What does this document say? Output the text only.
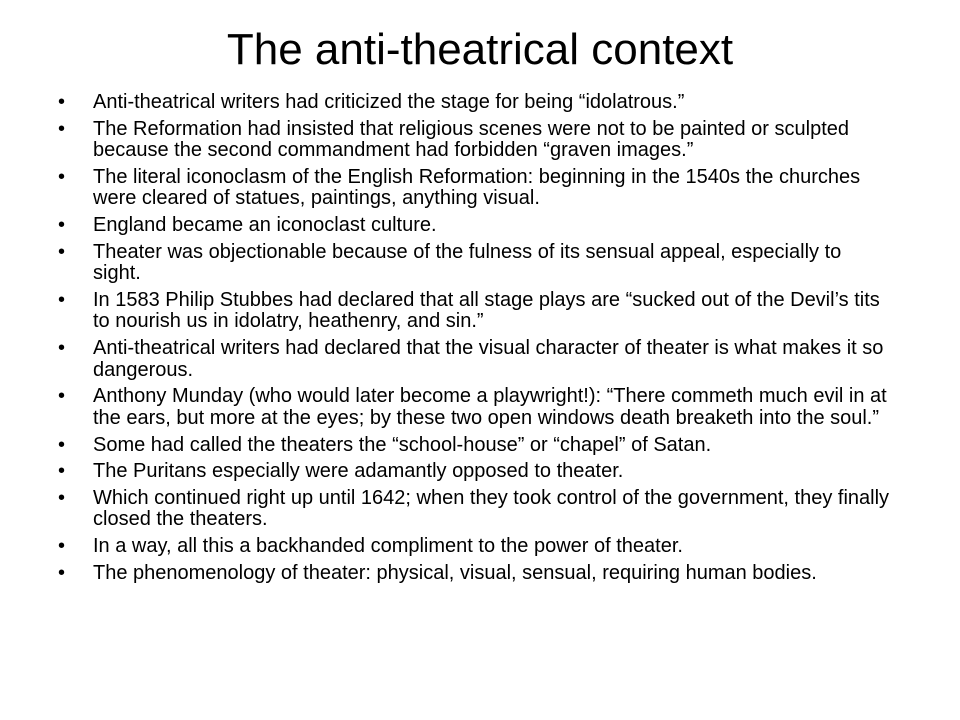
The anti-theatrical context
• Anti-theatrical writers had criticized the stage for being “idolatrous.”
• The Reformation had insisted that religious scenes were not to be painted or sculpted because the second commandment had forbidden “graven images.”
• The literal iconoclasm of the English Reformation: beginning in the 1540s the churches were cleared of statues, paintings, anything visual.
• England became an iconoclast culture.
• Theater was objectionable because of the fulness of its sensual appeal, especially to sight.
• In 1583 Philip Stubbes had declared that all stage plays are “sucked out of the Devil’s tits to nourish us in idolatry, heathenry, and sin.”
• Anti-theatrical writers had declared that the visual character of theater is what makes it so dangerous.
• Anthony Munday (who would later become a playwright!): “There commeth much evil in at the ears, but more at the eyes; by these two open windows death breaketh into the soul.”
• Some had called the theaters the “school-house” or “chapel” of Satan.
• The Puritans especially were adamantly opposed to theater.
• Which continued right up until 1642; when they took control of the government, they finally closed the theaters.
• In a way, all this a backhanded compliment to the power of theater.
• The phenomenology of theater: physical, visual, sensual, requiring human bodies.
